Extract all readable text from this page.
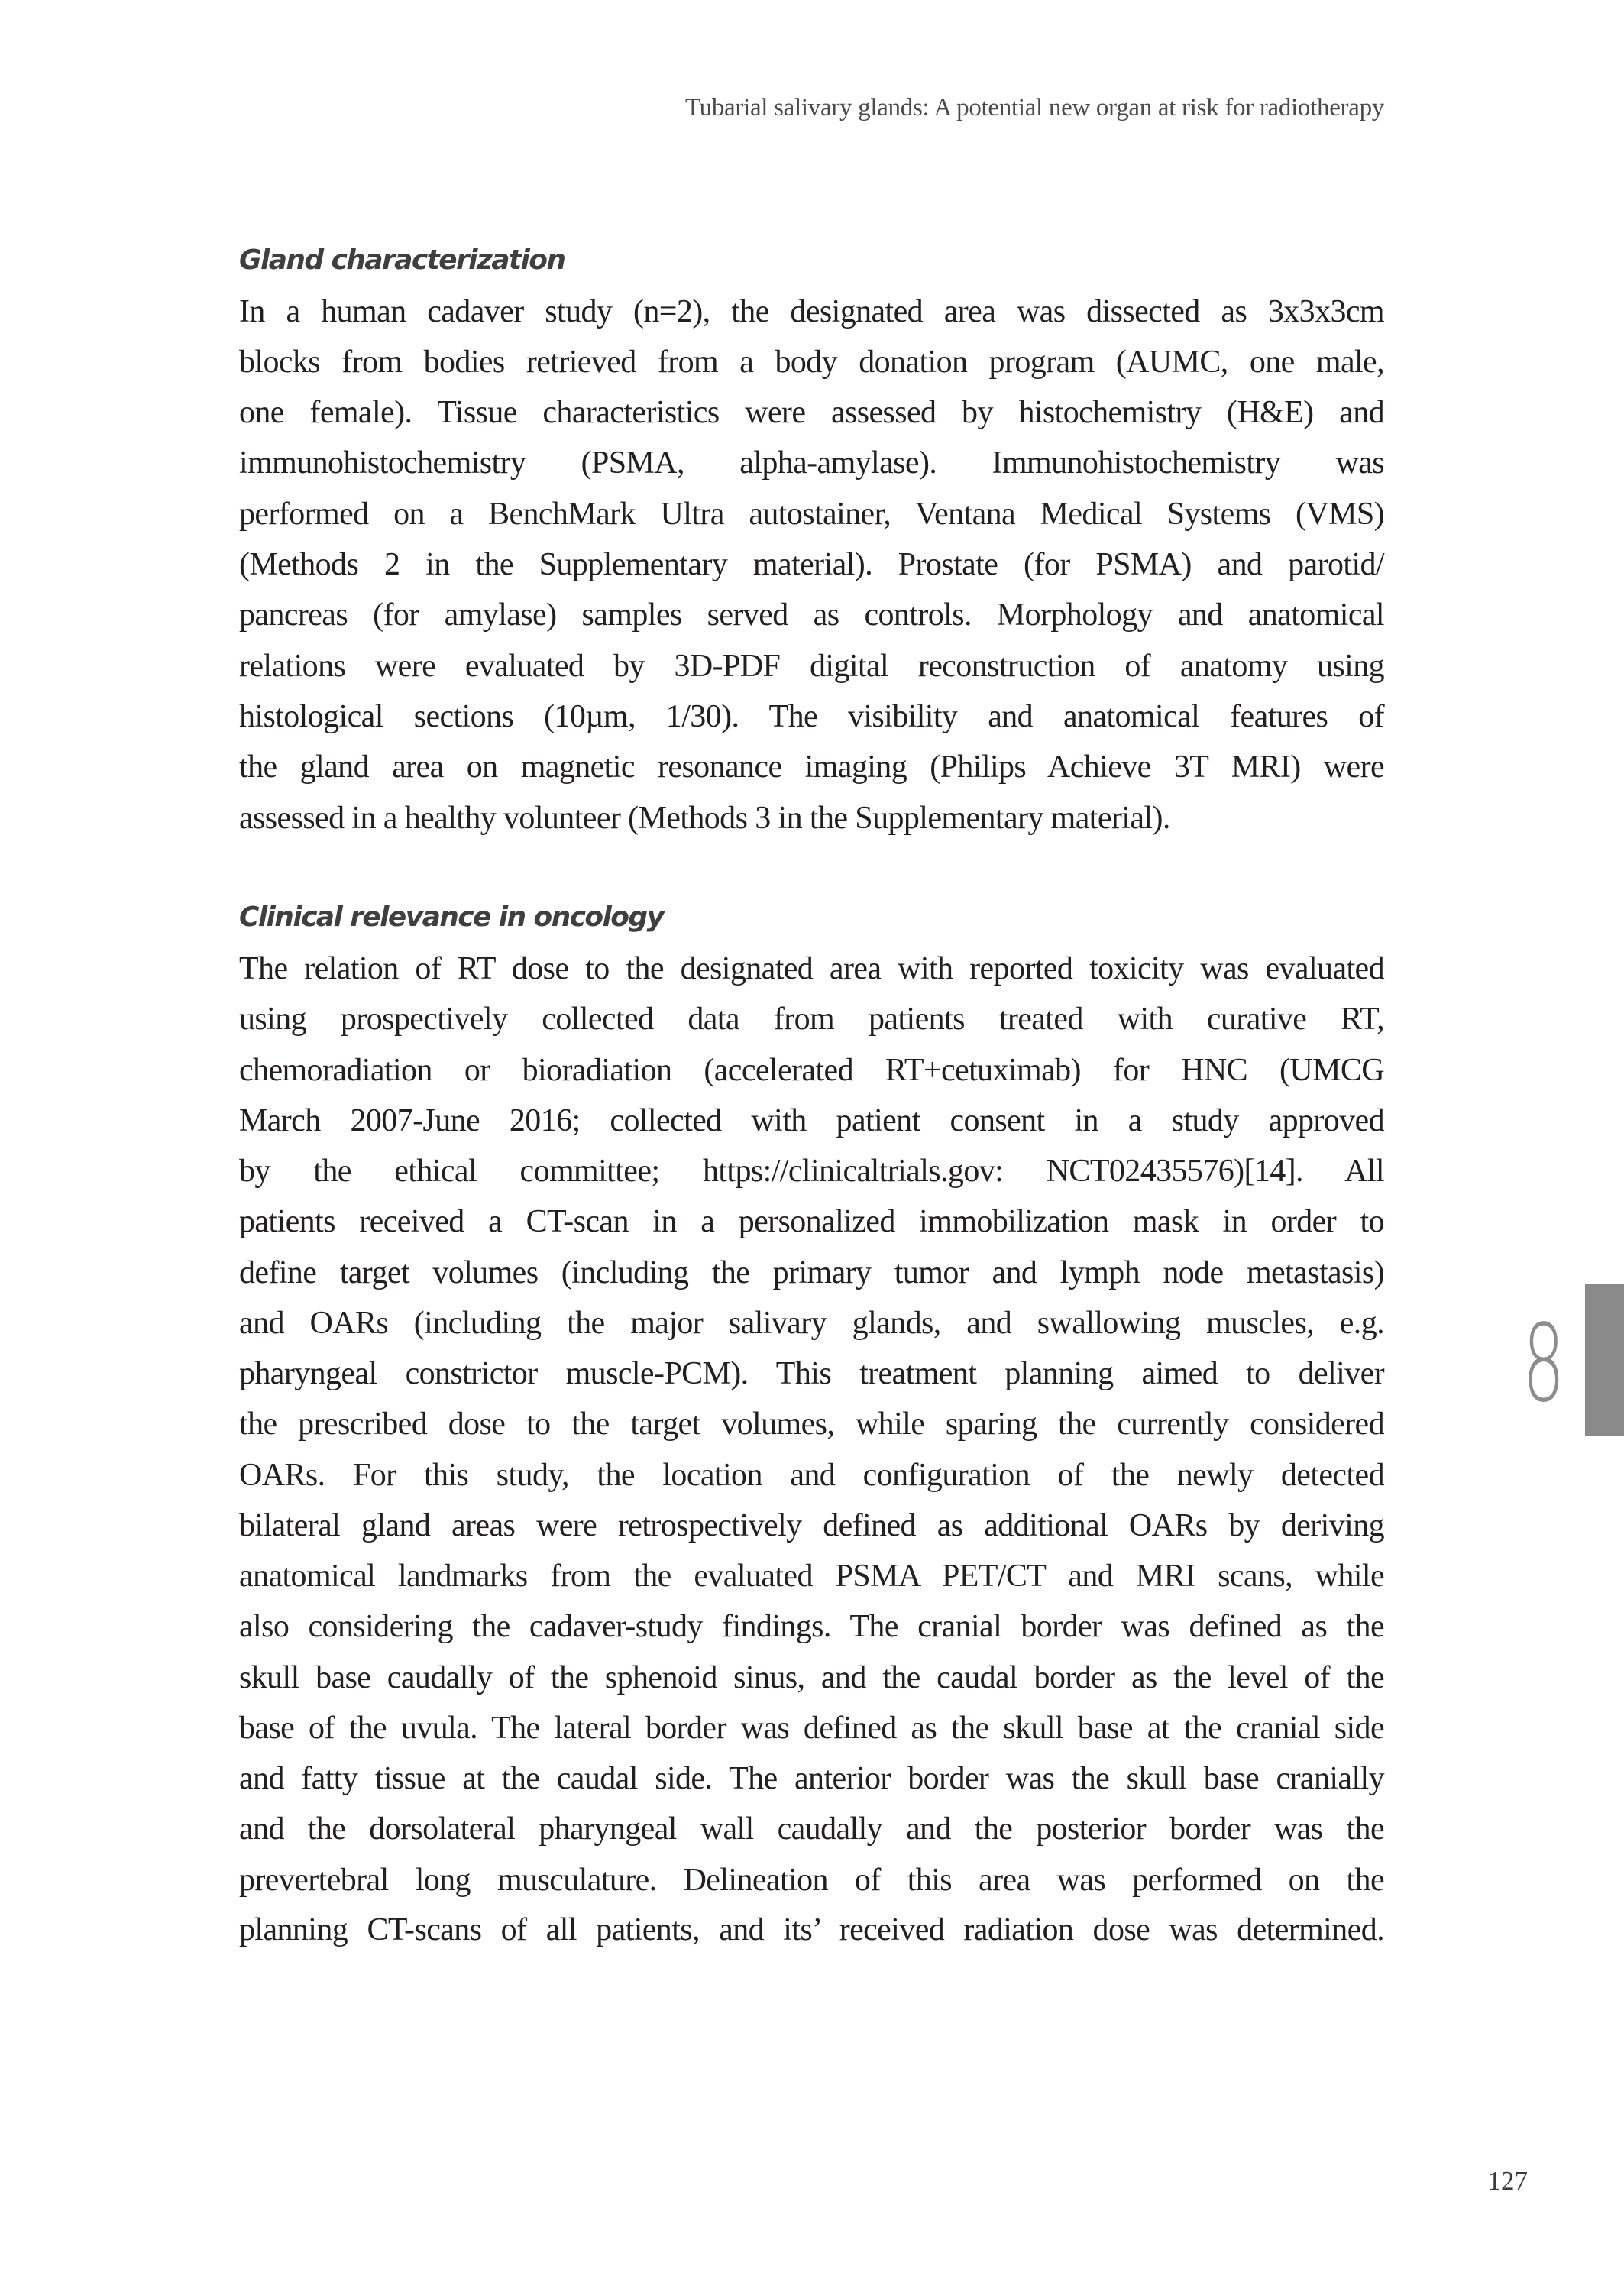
Tubarial salivary glands: A potential new organ at risk for radiotherapy
Gland characterization
In a human cadaver study (n=2), the designated area was dissected as 3x3x3cm
blocks from bodies retrieved from a body donation program (AUMC, one male,
one female). Tissue characteristics were assessed by histochemistry (H&E) and
immunohistochemistry (PSMA, alpha-amylase). Immunohistochemistry was
performed on a BenchMark Ultra autostainer, Ventana Medical Systems (VMS)
(Methods 2 in the Supplementary material). Prostate (for PSMA) and parotid/
pancreas (for amylase) samples served as controls. Morphology and anatomical
relations were evaluated by 3D-PDF digital reconstruction of anatomy using
histological sections (10µm, 1/30). The visibility and anatomical features of
the gland area on magnetic resonance imaging (Philips Achieve 3T MRI) were
assessed in a healthy volunteer (Methods 3 in the Supplementary material).
Clinical relevance in oncology
The relation of RT dose to the designated area with reported toxicity was evaluated
using prospectively collected data from patients treated with curative RT,
chemoradiation or bioradiation (accelerated RT+cetuximab) for HNC (UMCG
March 2007-June 2016; collected with patient consent in a study approved
by the ethical committee; https://clinicaltrials.gov: NCT02435576)[14]. All
patients received a CT-scan in a personalized immobilization mask in order to
define target volumes (including the primary tumor and lymph node metastasis)
and OARs (including the major salivary glands, and swallowing muscles, e.g.
pharyngeal constrictor muscle-PCM). This treatment planning aimed to deliver
the prescribed dose to the target volumes, while sparing the currently considered
OARs. For this study, the location and configuration of the newly detected
bilateral gland areas were retrospectively defined as additional OARs by deriving
anatomical landmarks from the evaluated PSMA PET/CT and MRI scans, while
also considering the cadaver-study findings. The cranial border was defined as the
skull base caudally of the sphenoid sinus, and the caudal border as the level of the
base of the uvula. The lateral border was defined as the skull base at the cranial side
and fatty tissue at the caudal side. The anterior border was the skull base cranially
and the dorsolateral pharyngeal wall caudally and the posterior border was the
prevertebral long musculature. Delineation of this area was performed on the
planning CT-scans of all patients, and its’ received radiation dose was determined.
8
127
